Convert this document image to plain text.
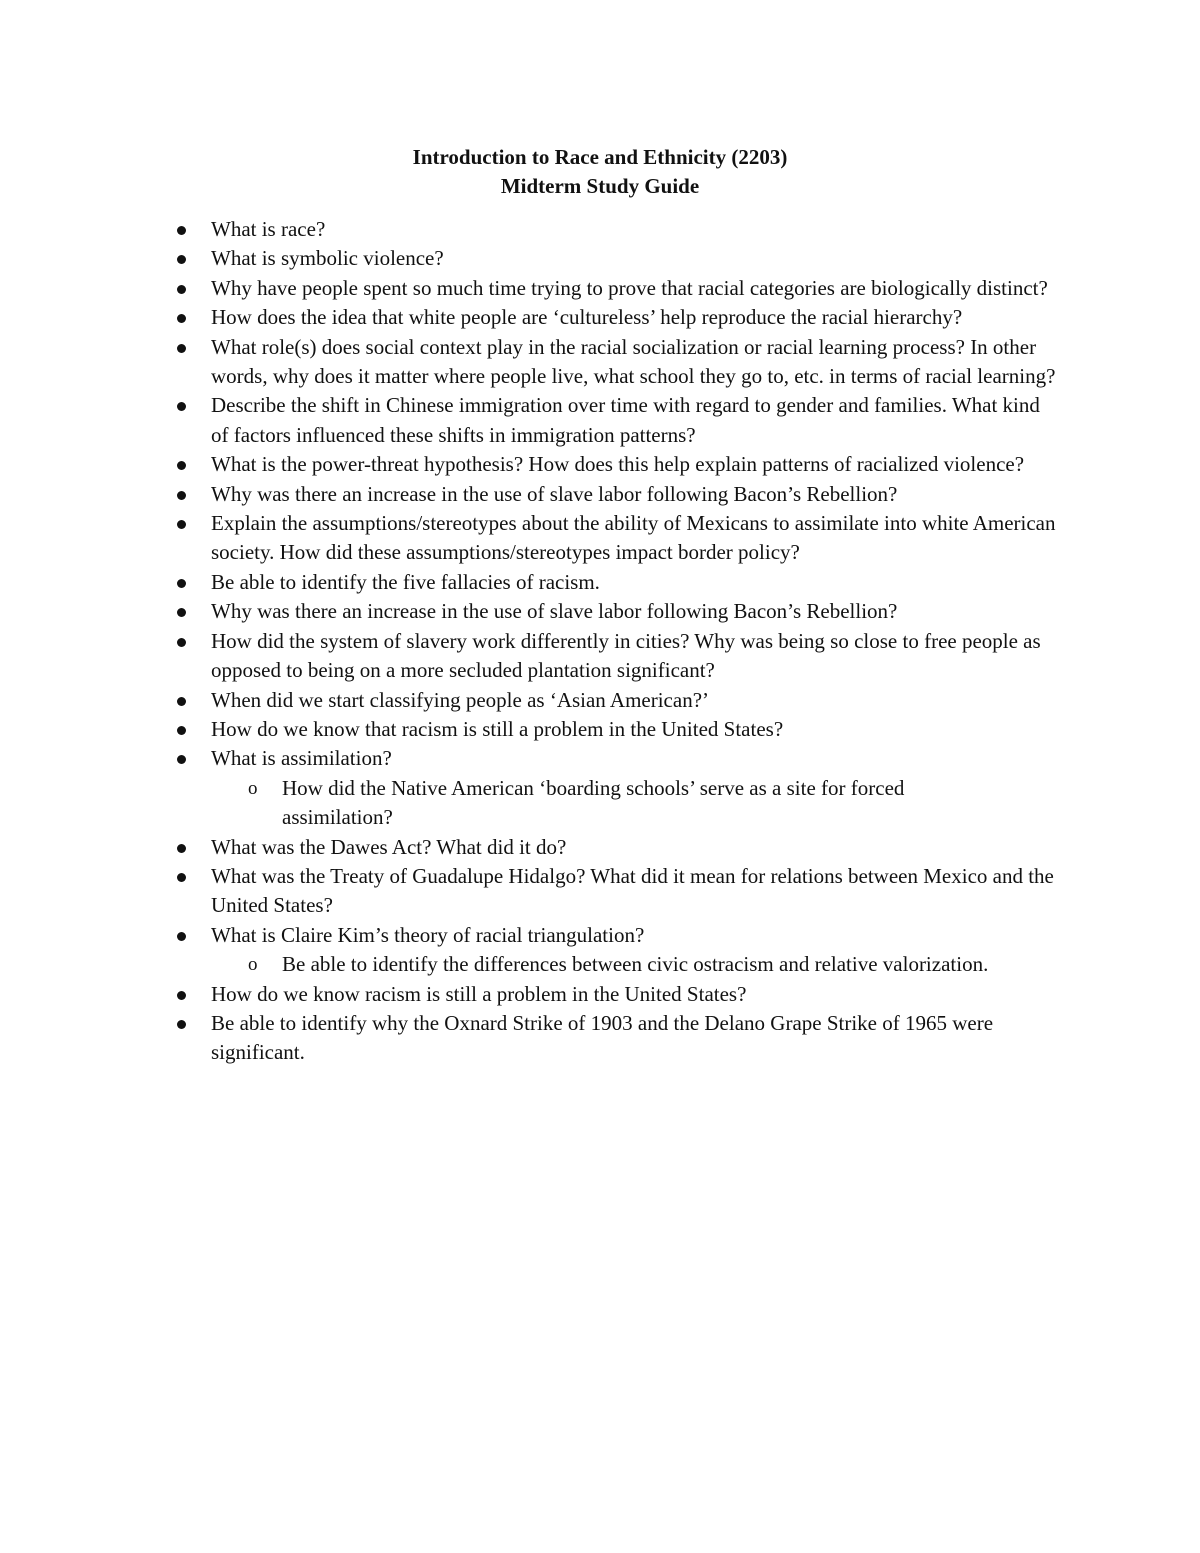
Introduction to Race and Ethnicity (2203)
Midterm Study Guide
What is race?
What is symbolic violence?
Why have people spent so much time trying to prove that racial categories are biologically distinct?
How does the idea that white people are ‘cultureless’ help reproduce the racial hierarchy?
What role(s) does social context play in the racial socialization or racial learning process? In other words, why does it matter where people live, what school they go to, etc. in terms of racial learning?
Describe the shift in Chinese immigration over time with regard to gender and families. What kind of factors influenced these shifts in immigration patterns?
What is the power-threat hypothesis? How does this help explain patterns of racialized violence?
Why was there an increase in the use of slave labor following Bacon’s Rebellion?
Explain the assumptions/stereotypes about the ability of Mexicans to assimilate into white American society. How did these assumptions/stereotypes impact border policy?
Be able to identify the five fallacies of racism.
Why was there an increase in the use of slave labor following Bacon’s Rebellion?
How did the system of slavery work differently in cities? Why was being so close to free people as opposed to being on a more secluded plantation significant?
When did we start classifying people as ‘Asian American?’
How do we know that racism is still a problem in the United States?
What is assimilation?
o How did the Native American ‘boarding schools’ serve as a site for forced assimilation?
What was the Dawes Act? What did it do?
What was the Treaty of Guadalupe Hidalgo? What did it mean for relations between Mexico and the United States?
What is Claire Kim’s theory of racial triangulation?
o Be able to identify the differences between civic ostracism and relative valorization.
How do we know racism is still a problem in the United States?
Be able to identify why the Oxnard Strike of 1903 and the Delano Grape Strike of 1965 were significant.
